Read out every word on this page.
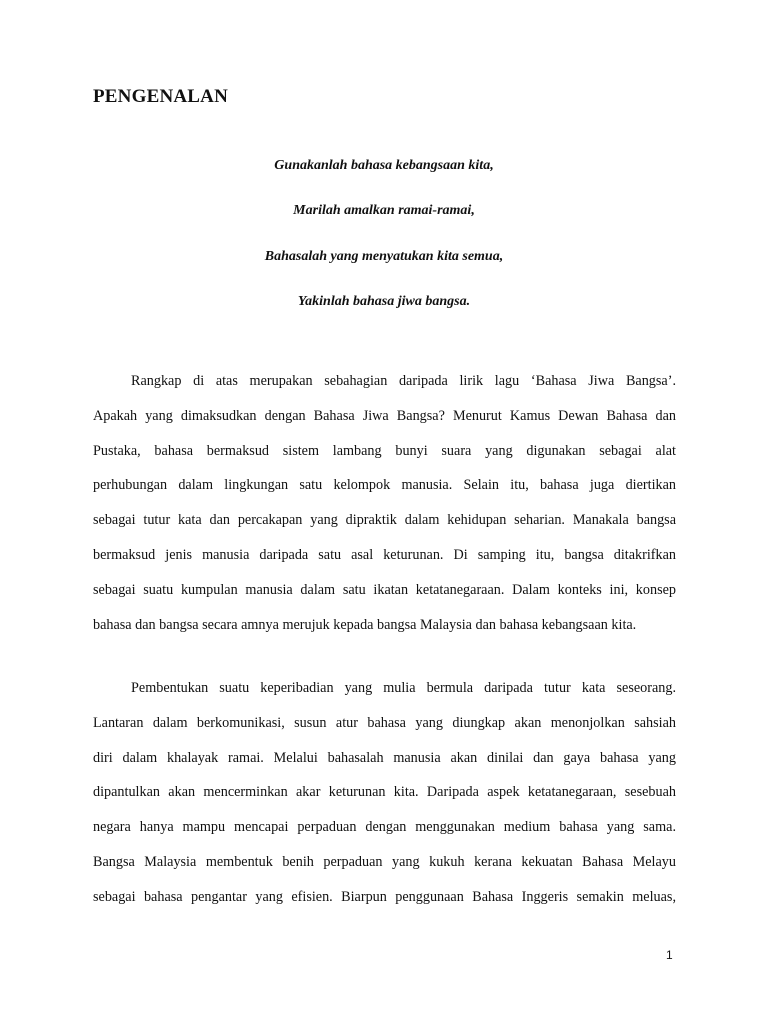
PENGENALAN

Gunakanlah bahasa kebangsaan kita,

Marilah amalkan ramai-ramai,

Bahasalah yang menyatukan kita semua,

Yakinlah bahasa jiwa bangsa.

Rangkap di atas merupakan sebahagian daripada lirik lagu ‘Bahasa Jiwa Bangsa’.
Apakah yang dimaksudkan dengan Bahasa Jiwa Bangsa? Menurut Kamus Dewan Bahasa dan
Pustaka, bahasa bermaksud sistem lambang bunyi suara yang digunakan sebagai alat
perhubungan dalam lingkungan satu kelompok manusia. Selain itu, bahasa juga diertikan
sebagai tutur kata dan percakapan yang dipraktik dalam kehidupan seharian. Manakala bangsa
bermaksud jenis manusia daripada satu asal keturunan. Di samping itu, bangsa ditakrifkan
sebagai suatu kumpulan manusia dalam satu ikatan ketatanegaraan. Dalam konteks ini, konsep
bahasa dan bangsa secara amnya merujuk kepada bangsa Malaysia dan bahasa kebangsaan kita.
Pembentukan suatu keperibadian yang mulia bermula daripada tutur kata seseorang.
Lantaran dalam berkomunikasi, susun atur bahasa yang diungkap akan menonjolkan sahsiah
diri dalam khalayak ramai. Melalui bahasalah manusia akan dinilai dan gaya bahasa yang
dipantulkan akan mencerminkan akar keturunan kita. Daripada aspek ketatanegaraan, sesebuah
negara hanya mampu mencapai perpaduan dengan menggunakan medium bahasa yang sama.
Bangsa Malaysia membentuk benih perpaduan yang kukuh kerana kekuatan Bahasa Melayu
sebagai bahasa pengantar yang efisien. Biarpun penggunaan Bahasa Inggeris semakin meluas,

1
